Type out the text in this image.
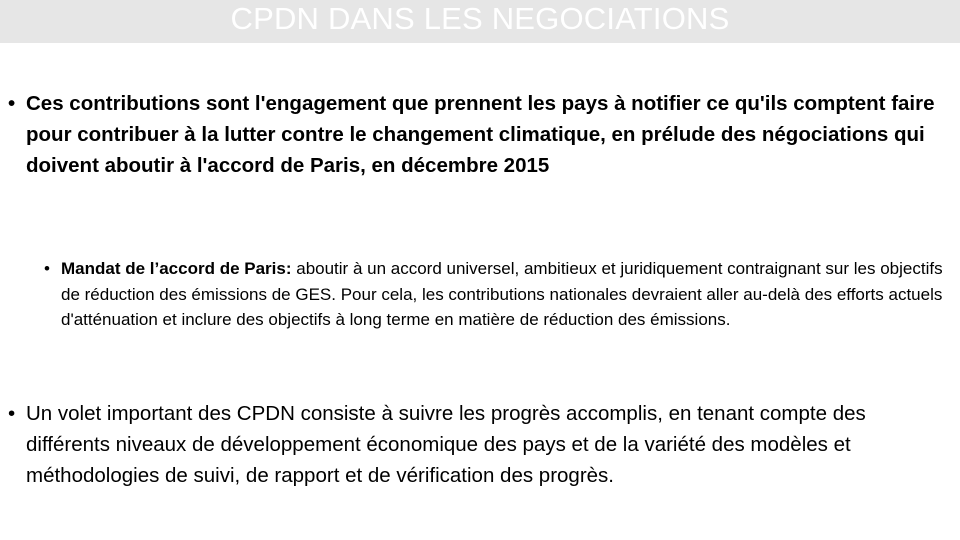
CPDN DANS LES NEGOCIATIONS
• Ces contributions sont l'engagement que prennent les pays à notifier ce qu'ils comptent faire pour contribuer à la lutter contre le changement climatique, en prélude des négociations qui doivent aboutir à l'accord de Paris, en décembre 2015
• Mandat de l’accord de Paris: aboutir à un accord universel, ambitieux et juridiquement contraignant sur les objectifs de réduction des émissions de GES. Pour cela, les contributions nationales devraient aller au-delà des efforts actuels d'atténuation et inclure des objectifs à long terme en matière de réduction des émissions.
• Un volet important des CPDN consiste à suivre les progrès accomplis, en tenant compte des différents niveaux de développement économique des pays et de la variété des modèles et méthodologies de suivi, de rapport et de vérification des progrès.
